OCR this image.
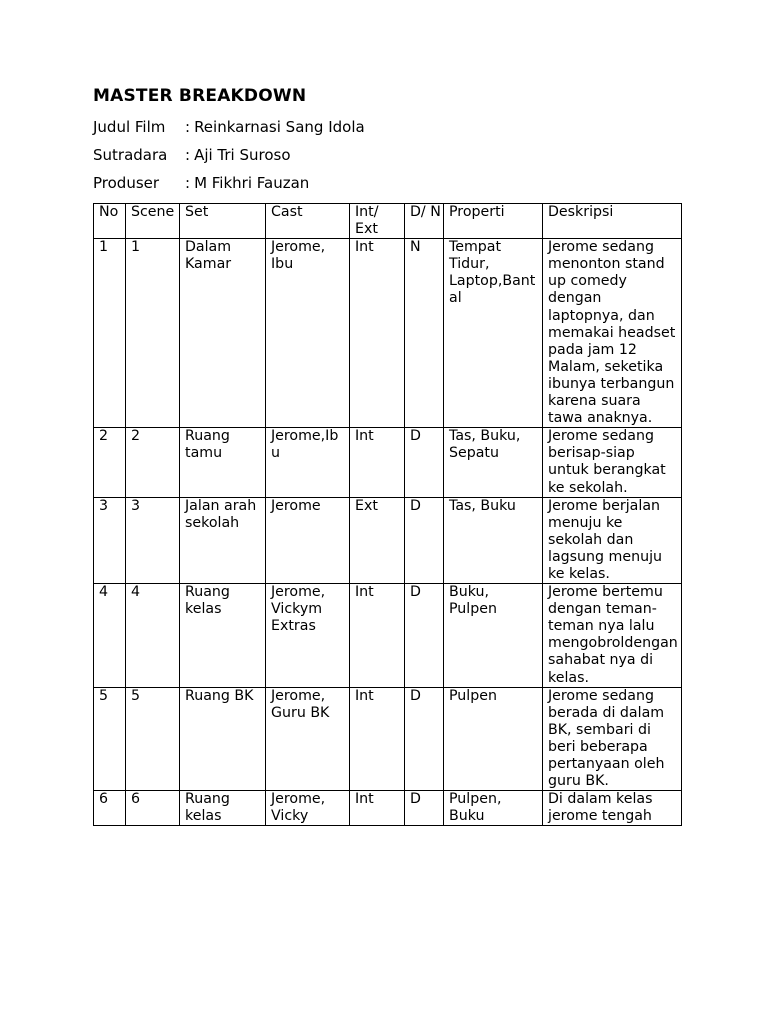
MASTER BREAKDOWN
Judul Film : Reinkarnasi Sang Idola
Sutradara : Aji Tri Suroso
Produser : M Fikhri Fauzan
No	Scene	Set	Cast	Int/ Ext	D/ N	Properti	Deskripsi
1	1	Dalam Kamar	Jerome, Ibu	Int	N	Tempat Tidur, Laptop,Bantal	Jerome sedang menonton stand up comedy dengan laptopnya, dan memakai headset pada jam 12 Malam, seketika ibunya terbangun karena suara tawa anaknya.
2	2	Ruang tamu	Jerome,Ibu	Int	D	Tas, Buku, Sepatu	Jerome sedang berisap-siap untuk berangkat ke sekolah.
3	3	Jalan arah sekolah	Jerome	Ext	D	Tas, Buku	Jerome berjalan menuju ke sekolah dan lagsung menuju ke kelas.
4	4	Ruang kelas	Jerome, Vickym Extras	Int	D	Buku, Pulpen	Jerome bertemu dengan teman-teman nya lalu mengobroldengan sahabat nya di kelas.
5	5	Ruang BK	Jerome, Guru BK	Int	D	Pulpen	Jerome sedang berada di dalam BK, sembari di beri beberapa pertanyaan oleh guru BK.
6	6	Ruang kelas	Jerome, Vicky	Int	D	Pulpen, Buku	Di dalam kelas jerome tengah
